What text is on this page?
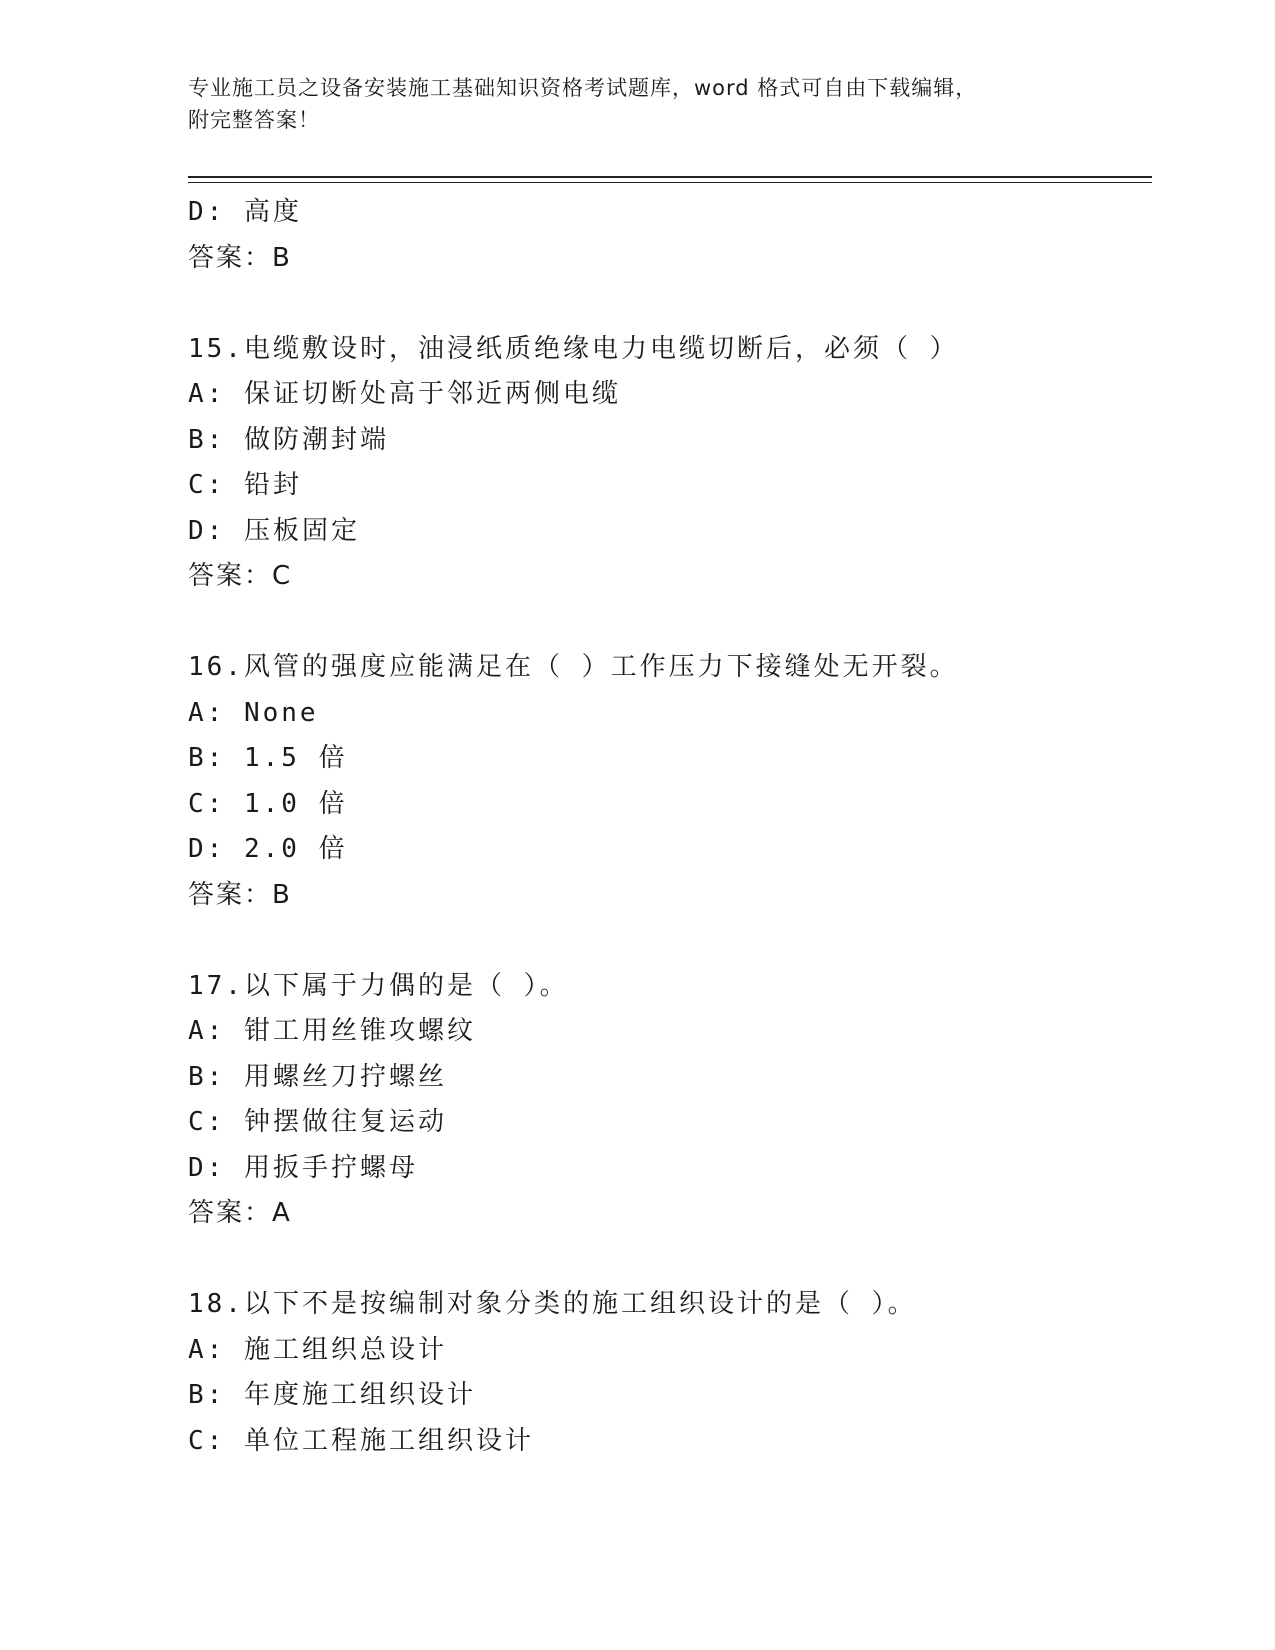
专业施工员之设备安装施工基础知识资格考试题库，word 格式可自由下载编辑，
附完整答案！
D: 高度
答案：B
15.电缆敷设时，油浸纸质绝缘电力电缆切断后，必须（ ）
A: 保证切断处高于邻近两侧电缆
B: 做防潮封端
C: 铅封
D: 压板固定
答案：C
16.风管的强度应能满足在（ ）工作压力下接缝处无开裂。
A: None
B: 1.5 倍
C: 1.0 倍
D: 2.0 倍
答案：B
17.以下属于力偶的是（ ）。
A: 钳工用丝锥攻螺纹
B: 用螺丝刀拧螺丝
C: 钟摆做往复运动
D: 用扳手拧螺母
答案：A
18.以下不是按编制对象分类的施工组织设计的是（ ）。
A: 施工组织总设计
B: 年度施工组织设计
C: 单位工程施工组织设计
